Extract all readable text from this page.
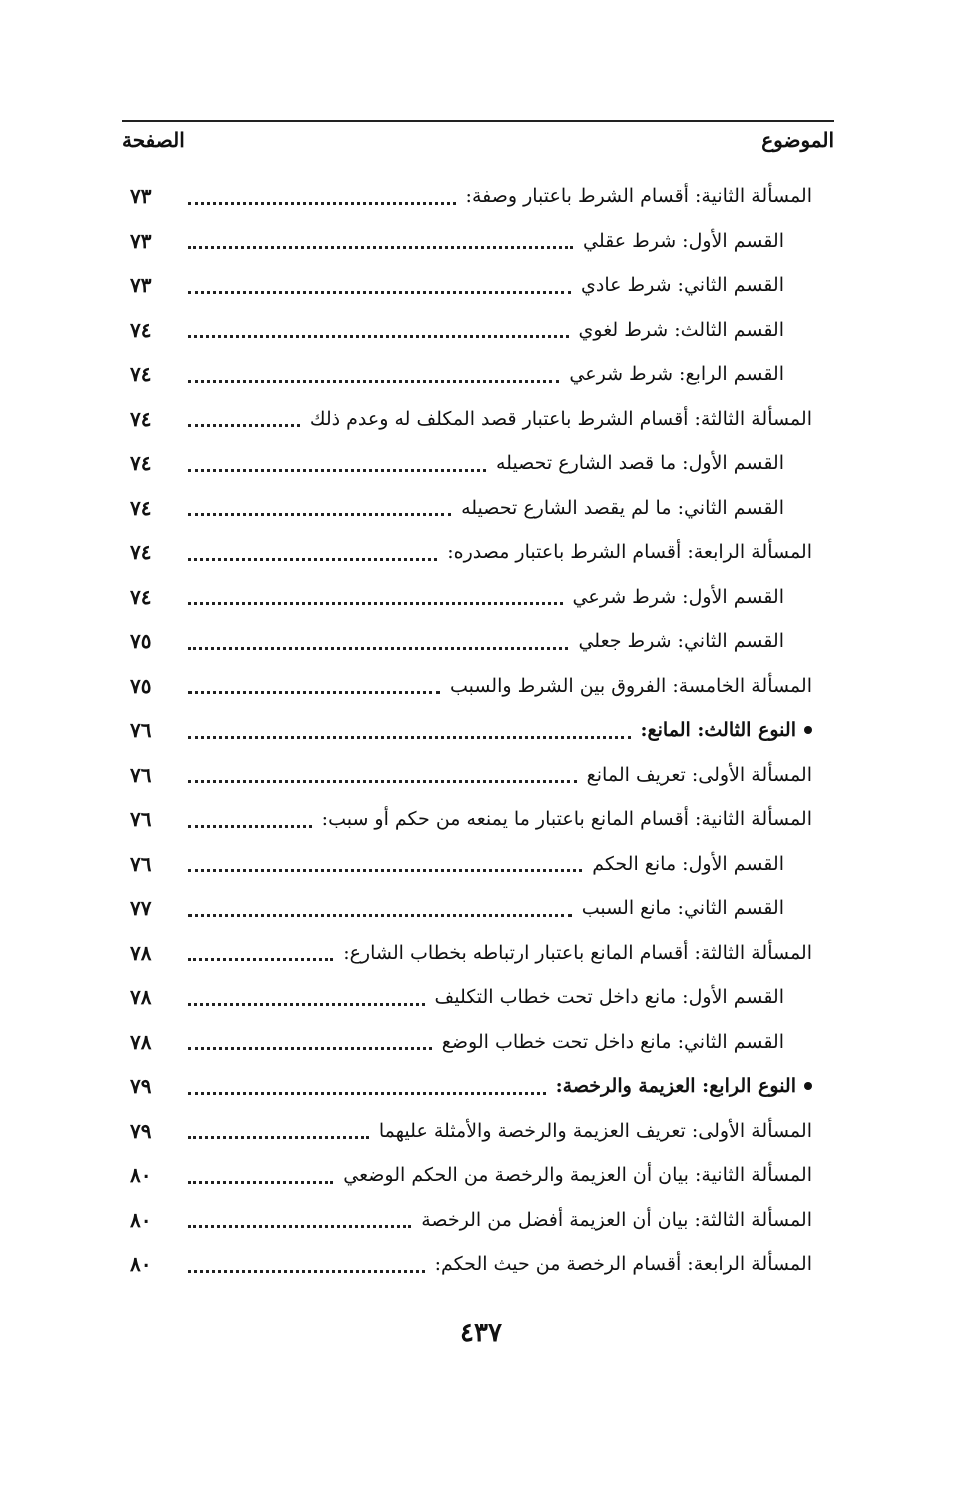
الموضوع
الصفحة
المسألة الثانية: أقسام الشرط باعتبار وصفة:
٧٣
القسم الأول: شرط عقلي
٧٣
القسم الثاني: شرط عادي
٧٣
القسم الثالث: شرط لغوي
٧٤
القسم الرابع: شرط شرعي
٧٤
المسألة الثالثة: أقسام الشرط باعتبار قصد المكلف له وعدم ذلك
٧٤
القسم الأول: ما قصد الشارع تحصيله
٧٤
القسم الثاني: ما لم يقصد الشارع تحصيله
٧٤
المسألة الرابعة: أقسام الشرط باعتبار مصدره:
٧٤
القسم الأول: شرط شرعي
٧٤
القسم الثاني: شرط جعلي
٧٥
المسألة الخامسة: الفروق بين الشرط والسبب
٧٥
النوع الثالث: المانع:
٧٦
المسألة الأولى: تعريف المانع
٧٦
المسألة الثانية: أقسام المانع باعتبار ما يمنعه من حكم أو سبب:
٧٦
القسم الأول: مانع الحكم
٧٦
القسم الثاني: مانع السبب
٧٧
المسألة الثالثة: أقسام المانع باعتبار ارتباطه بخطاب الشارع:
٧٨
القسم الأول: مانع داخل تحت خطاب التكليف
٧٨
القسم الثاني: مانع داخل تحت خطاب الوضع
٧٨
النوع الرابع: العزيمة والرخصة:
٧٩
المسألة الأولى: تعريف العزيمة والرخصة والأمثلة عليهما
٧٩
المسألة الثانية: بيان أن العزيمة والرخصة من الحكم الوضعي
٨٠
المسألة الثالثة: بيان أن العزيمة أفضل من الرخصة
٨٠
المسألة الرابعة: أقسام الرخصة من حيث الحكم:
٨٠
٤٣٧
